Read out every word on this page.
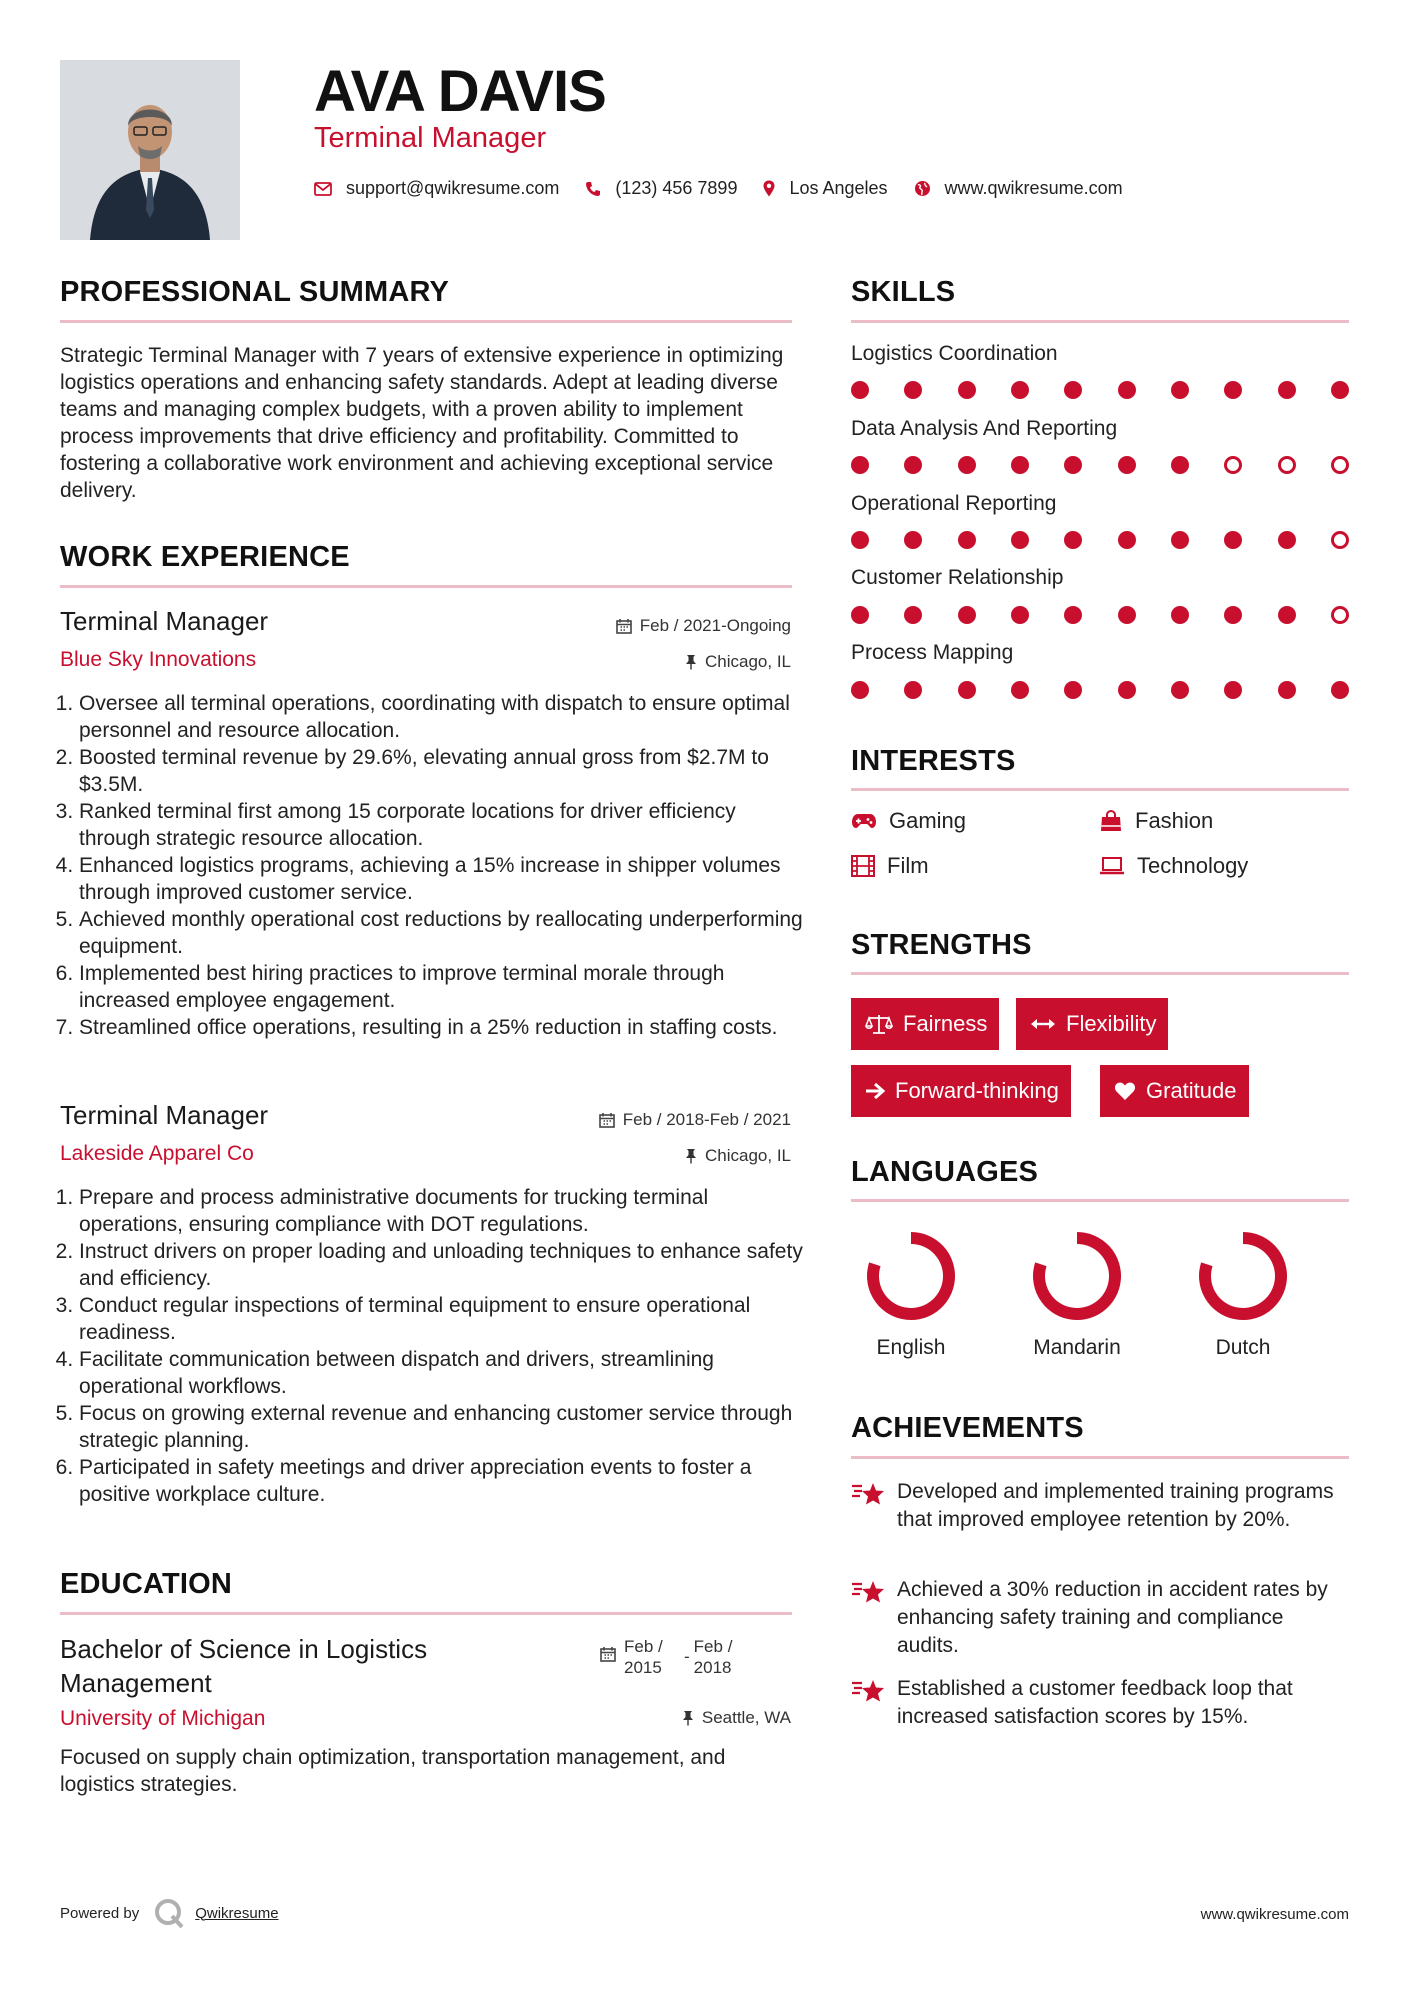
AVA DAVIS
Terminal Manager
support@qwikresume.com	(123) 456 7899	Los Angeles	www.qwikresume.com
PROFESSIONAL SUMMARY
Strategic Terminal Manager with 7 years of extensive experience in optimizing logistics operations and enhancing safety standards. Adept at leading diverse teams and managing complex budgets, with a proven ability to implement process improvements that drive efficiency and profitability. Committed to fostering a collaborative work environment and achieving exceptional service delivery.
WORK EXPERIENCE
Terminal Manager	Feb / 2021-Ongoing
Blue Sky Innovations	Chicago, IL
1. Oversee all terminal operations, coordinating with dispatch to ensure optimal personnel and resource allocation.
2. Boosted terminal revenue by 29.6%, elevating annual gross from $2.7M to $3.5M.
3. Ranked terminal first among 15 corporate locations for driver efficiency through strategic resource allocation.
4. Enhanced logistics programs, achieving a 15% increase in shipper volumes through improved customer service.
5. Achieved monthly operational cost reductions by reallocating underperforming equipment.
6. Implemented best hiring practices to improve terminal morale through increased employee engagement.
7. Streamlined office operations, resulting in a 25% reduction in staffing costs.
Terminal Manager	Feb / 2018-Feb / 2021
Lakeside Apparel Co	Chicago, IL
1. Prepare and process administrative documents for trucking terminal operations, ensuring compliance with DOT regulations.
2. Instruct drivers on proper loading and unloading techniques to enhance safety and efficiency.
3. Conduct regular inspections of terminal equipment to ensure operational readiness.
4. Facilitate communication between dispatch and drivers, streamlining operational workflows.
5. Focus on growing external revenue and enhancing customer service through strategic planning.
6. Participated in safety meetings and driver appreciation events to foster a positive workplace culture.
EDUCATION
Bachelor of Science in Logistics Management
Feb / 2015
-
Feb / 2018
University of Michigan	Seattle, WA
Focused on supply chain optimization, transportation management, and logistics strategies.
SKILLS
Logistics Coordination
Data Analysis And Reporting
Operational Reporting
Customer Relationship
Process Mapping
INTERESTS
Gaming	Fashion
Film	Technology
STRENGTHS
Fairness	Flexibility
Forward-thinking	Gratitude
LANGUAGES
English	Mandarin	Dutch
ACHIEVEMENTS
Developed and implemented training programs that improved employee retention by 20%.
Achieved a 30% reduction in accident rates by enhancing safety training and compliance audits.
Established a customer feedback loop that increased satisfaction scores by 15%.
Powered by	Qwikresume	www.qwikresume.com
